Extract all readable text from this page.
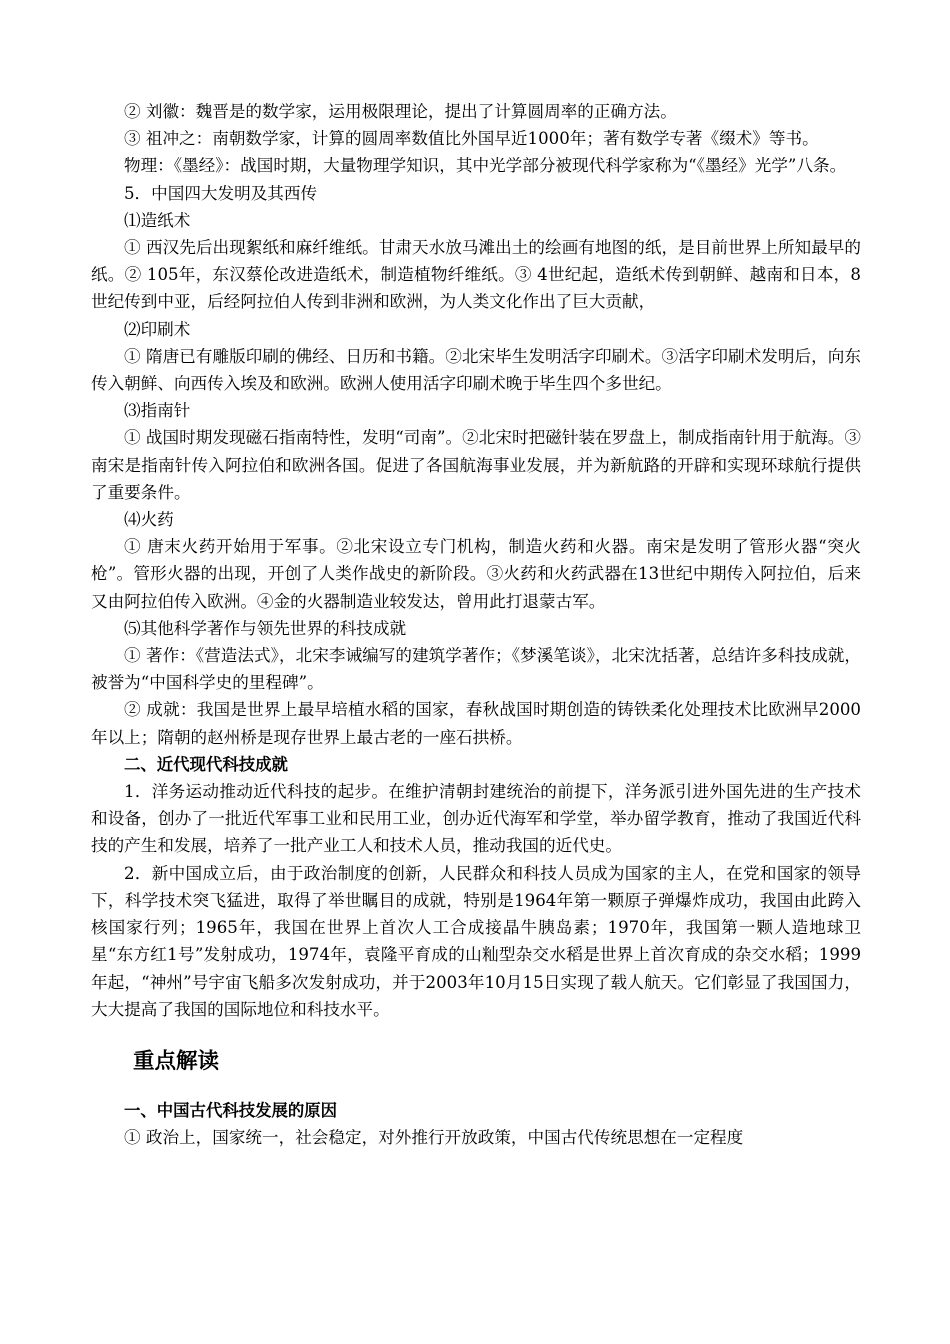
② 刘徽：魏晋是的数学家，运用极限理论，提出了计算圆周率的正确方法。

③ 祖冲之：南朝数学家，计算的圆周率数值比外国早近1000年；著有数学专著《缀术》等书。

物理：《墨经》：战国时期，大量物理学知识，其中光学部分被现代科学家称为“《墨经》光学”八条。

5．中国四大发明及其西传

⑴造纸术

① 西汉先后出现絮纸和麻纤维纸。甘肃天水放马滩出土的绘画有地图的纸，是目前世界上所知最早的纸。② 105年，东汉蔡伦改进造纸术，制造植物纤维纸。③ 4世纪起，造纸术传到朝鲜、越南和日本，8世纪传到中亚，后经阿拉伯人传到非洲和欧洲，为人类文化作出了巨大贡献，

⑵印刷术

① 隋唐已有雕版印刷的佛经、日历和书籍。②北宋毕生发明活字印刷术。③活字印刷术发明后，向东传入朝鲜、向西传入埃及和欧洲。欧洲人使用活字印刷术晚于毕生四个多世纪。

⑶指南针

① 战国时期发现磁石指南特性，发明“司南”。②北宋时把磁针装在罗盘上，制成指南针用于航海。③南宋是指南针传入阿拉伯和欧洲各国。促进了各国航海事业发展，并为新航路的开辟和实现环球航行提供了重要条件。

⑷火药

① 唐末火药开始用于军事。②北宋设立专门机构，制造火药和火器。南宋是发明了管形火器“突火枪”。管形火器的出现，开创了人类作战史的新阶段。③火药和火药武器在13世纪中期传入阿拉伯，后来又由阿拉伯传入欧洲。④金的火器制造业较发达，曾用此打退蒙古军。

⑸其他科学著作与领先世界的科技成就

① 著作：《营造法式》，北宋李诫编写的建筑学著作；《梦溪笔谈》，北宋沈括著，总结许多科技成就，被誉为“中国科学史的里程碑”。

② 成就：我国是世界上最早培植水稻的国家，春秋战国时期创造的铸铁柔化处理技术比欧洲早2000年以上；隋朝的赵州桥是现存世界上最古老的一座石拱桥。

二、近代现代科技成就

1．洋务运动推动近代科技的起步。在维护清朝封建统治的前提下，洋务派引进外国先进的生产技术和设备，创办了一批近代军事工业和民用工业，创办近代海军和学堂，举办留学教育，推动了我国近代科技的产生和发展，培养了一批产业工人和技术人员，推动我国的近代史。

2．新中国成立后，由于政治制度的创新，人民群众和科技人员成为国家的主人，在党和国家的领导下，科学技术突飞猛进，取得了举世瞩目的成就，特别是1964年第一颗原子弹爆炸成功，我国由此跨入核国家行列；1965年，我国在世界上首次人工合成接晶牛胰岛素；1970年，我国第一颗人造地球卫星“东方红1号”发射成功，1974年，袁隆平育成的山籼型杂交水稻是世界上首次育成的杂交水稻；1999年起，“神州”号宇宙飞船多次发射成功，并于2003年10月15日实现了载人航天。它们彰显了我国国力，大大提高了我国的国际地位和科技水平。

重点解读

一、中国古代科技发展的原因

① 政治上，国家统一，社会稳定，对外推行开放政策，中国古代传统思想在一定程度
